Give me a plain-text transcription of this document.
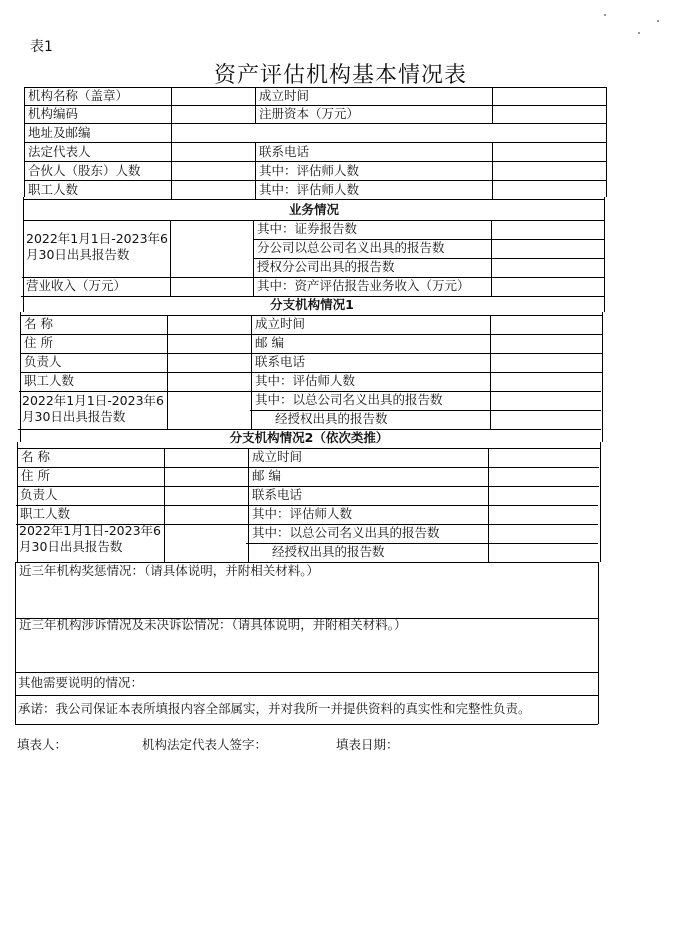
表1
资产评估机构基本情况表
机构名称（盖章）	成立时间
机构编码	注册资本（万元）
地址及邮编
法定代表人	联系电话
合伙人（股东）人数	其中：评估师人数
职工人数	其中：评估师人数
业务情况
2022年1月1日-2023年6月30日出具报告数
其中：证券报告数
分公司以总公司名义出具的报告数
授权分公司出具的报告数
营业收入（万元）	其中：资产评估报告业务收入（万元）
分支机构情况1
名 称	成立时间
住 所	邮 编
负责人	联系电话
职工人数	其中：评估师人数
2022年1月1日-2023年6月30日出具报告数
其中：以总公司名义出具的报告数
经授权出具的报告数
分支机构情况2（依次类推）
名 称	成立时间
住 所	邮 编
负责人	联系电话
职工人数	其中：评估师人数
2022年1月1日-2023年6月30日出具报告数
其中：以总公司名义出具的报告数
经授权出具的报告数
近三年机构奖惩情况：（请具体说明，并附相关材料。）
近三年机构涉诉情况及未决诉讼情况：（请具体说明，并附相关材料。）
其他需要说明的情况：
承诺：我公司保证本表所填报内容全部属实，并对我所一并提供资料的真实性和完整性负责。
填表人：	机构法定代表人签字：	填表日期：
